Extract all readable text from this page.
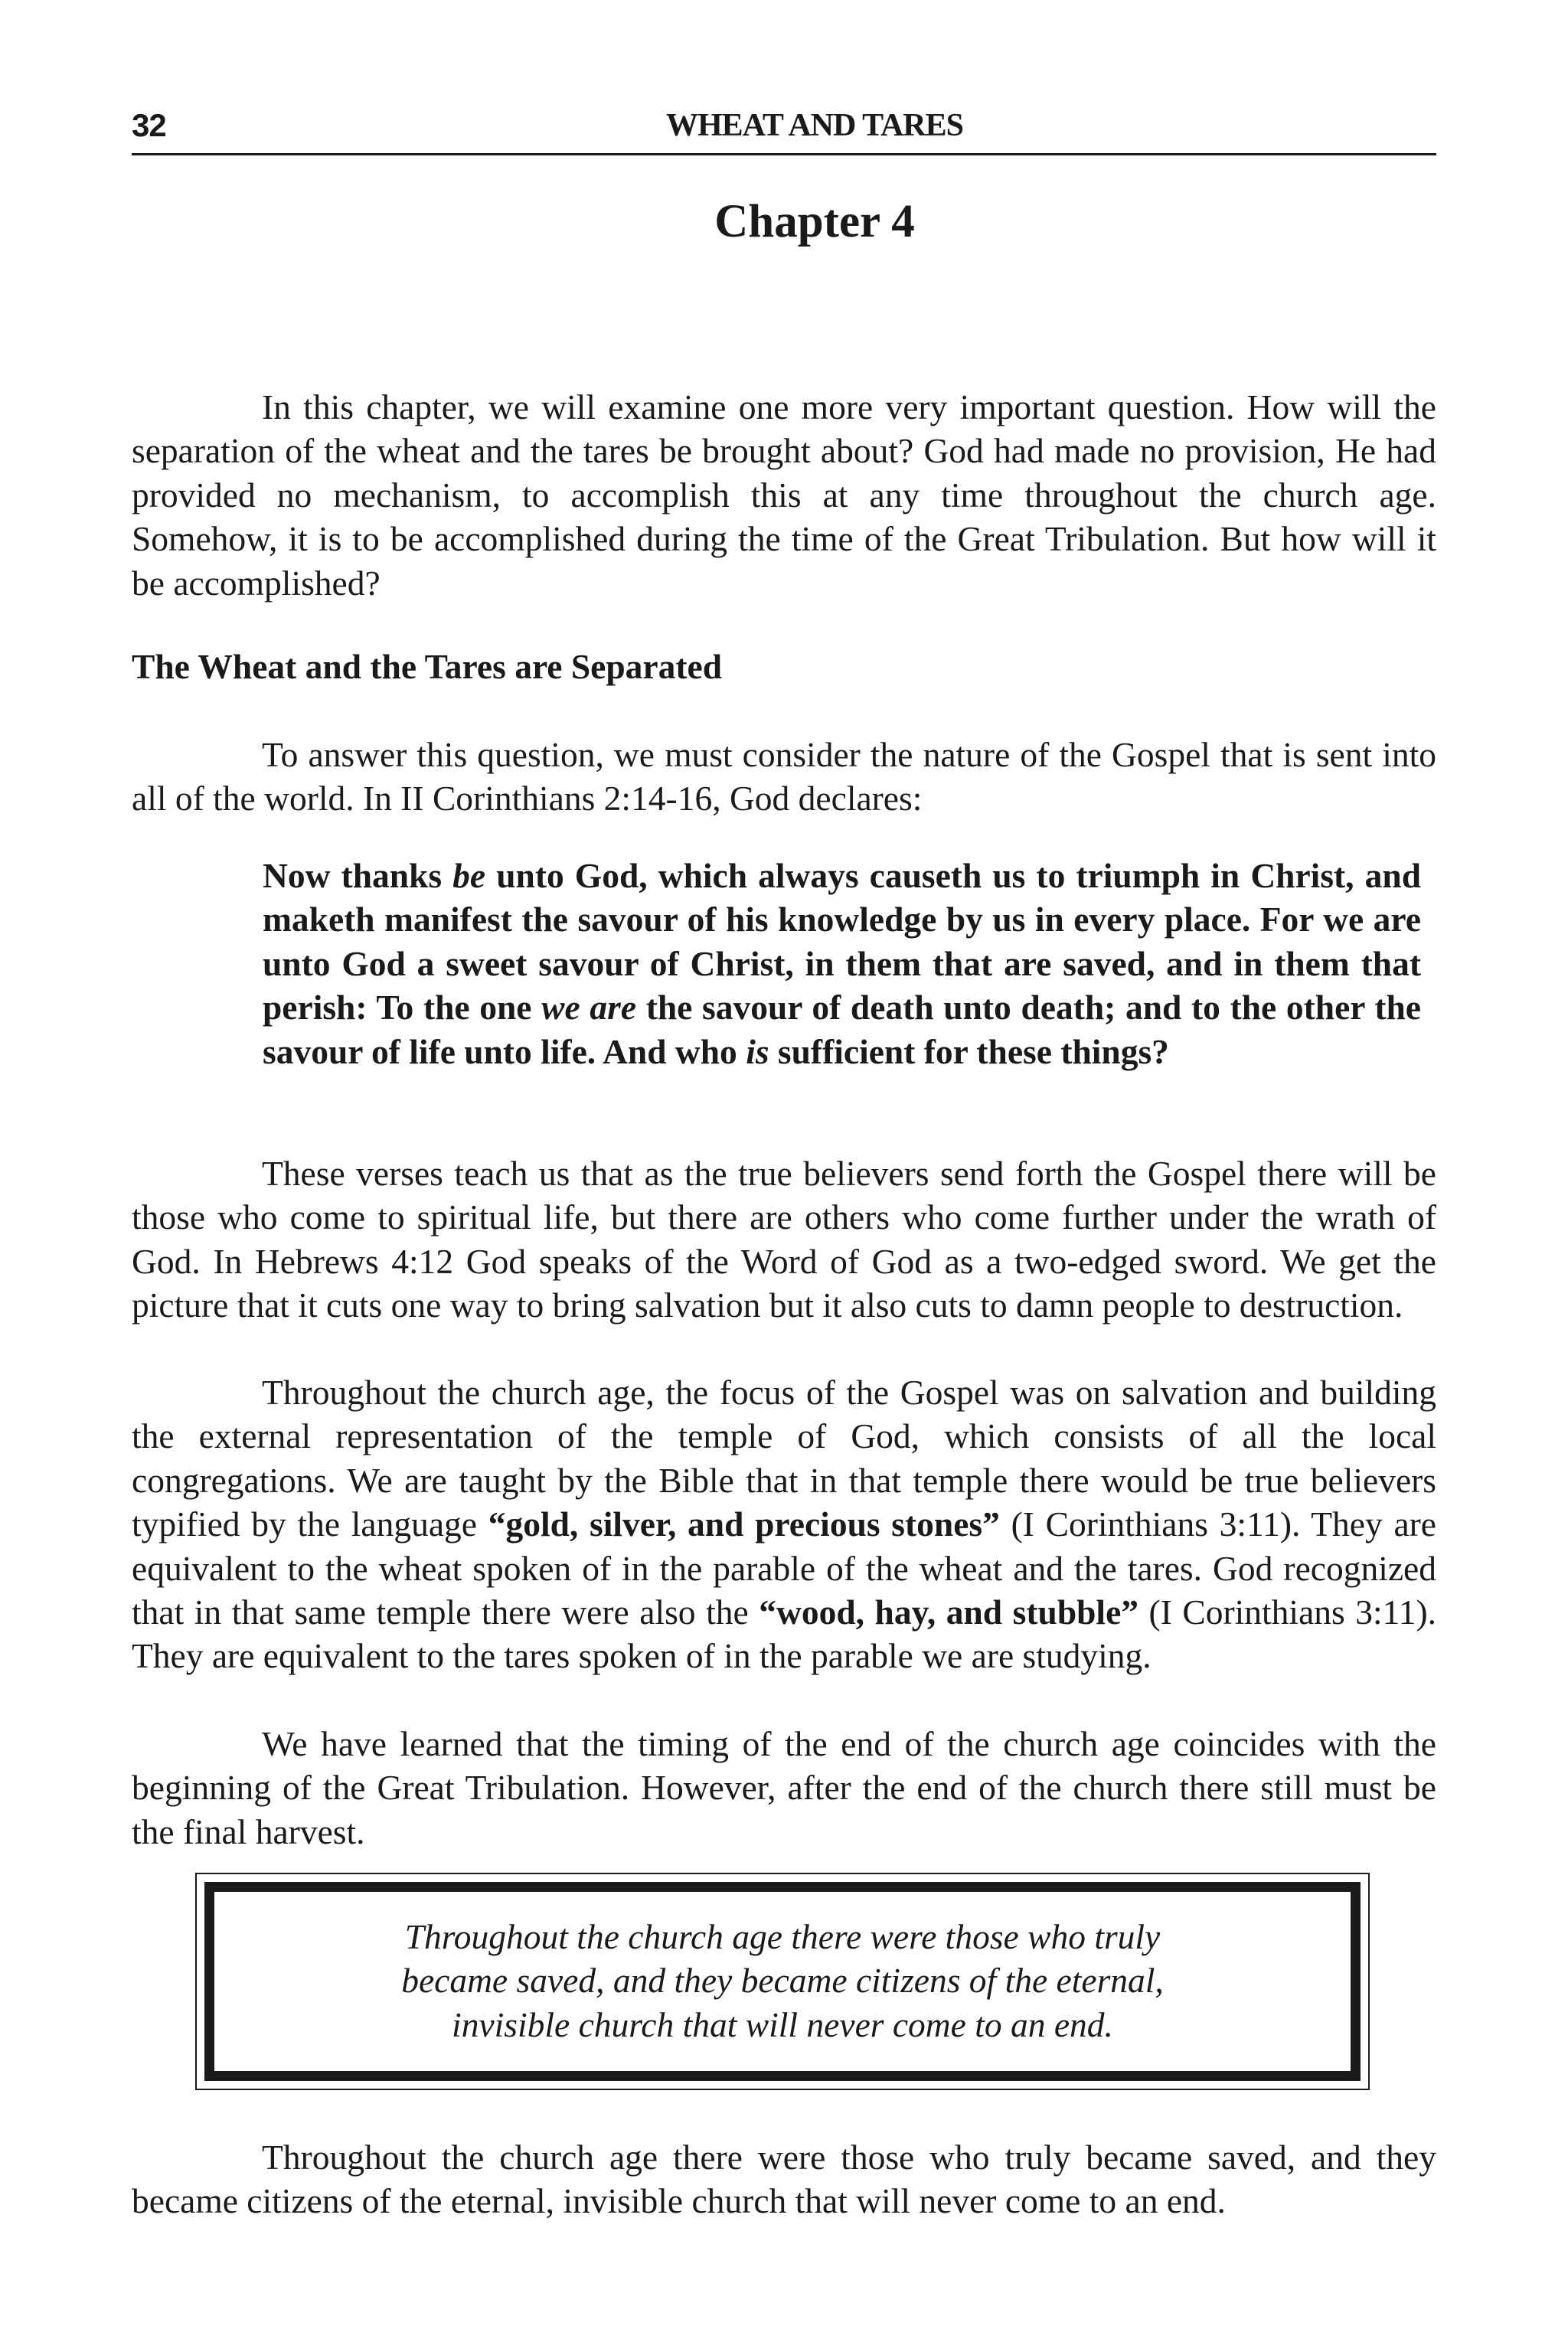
32	WHEAT AND TARES
Chapter 4

In this chapter, we will examine one more very important question. How will the separation of the wheat and the tares be brought about? God had made no provision, He had provided no mechanism, to accomplish this at any time throughout the church age. Somehow, it is to be accomplished during the time of the Great Tribulation. But how will it be accomplished?

The Wheat and the Tares are Separated

To answer this question, we must consider the nature of the Gospel that is sent into all of the world. In II Corinthians 2:14-16, God declares:

Now thanks be unto God, which always causeth us to triumph in Christ, and maketh manifest the savour of his knowledge by us in every place. For we are unto God a sweet savour of Christ, in them that are saved, and in them that perish: To the one we are the savour of death unto death; and to the other the savour of life unto life. And who is sufficient for these things?

These verses teach us that as the true believers send forth the Gospel there will be those who come to spiritual life, but there are others who come further under the wrath of God. In Hebrews 4:12 God speaks of the Word of God as a two-edged sword. We get the picture that it cuts one way to bring salvation but it also cuts to damn people to destruction.

Throughout the church age, the focus of the Gospel was on salvation and building the external representation of the temple of God, which consists of all the local congregations. We are taught by the Bible that in that temple there would be true believers typified by the language “gold, silver, and precious stones” (I Corinthians 3:11). They are equivalent to the wheat spoken of in the parable of the wheat and the tares. God recognized that in that same temple there were also the “wood, hay, and stubble” (I Corinthians 3:11). They are equivalent to the tares spoken of in the parable we are studying.

We have learned that the timing of the end of the church age coincides with the beginning of the Great Tribulation. However, after the end of the church there still must be the final harvest.

Throughout the church age there were those who truly
became saved, and they became citizens of the eternal,
invisible church that will never come to an end.

Throughout the church age there were those who truly became saved, and they became citizens of the eternal, invisible church that will never come to an end.
